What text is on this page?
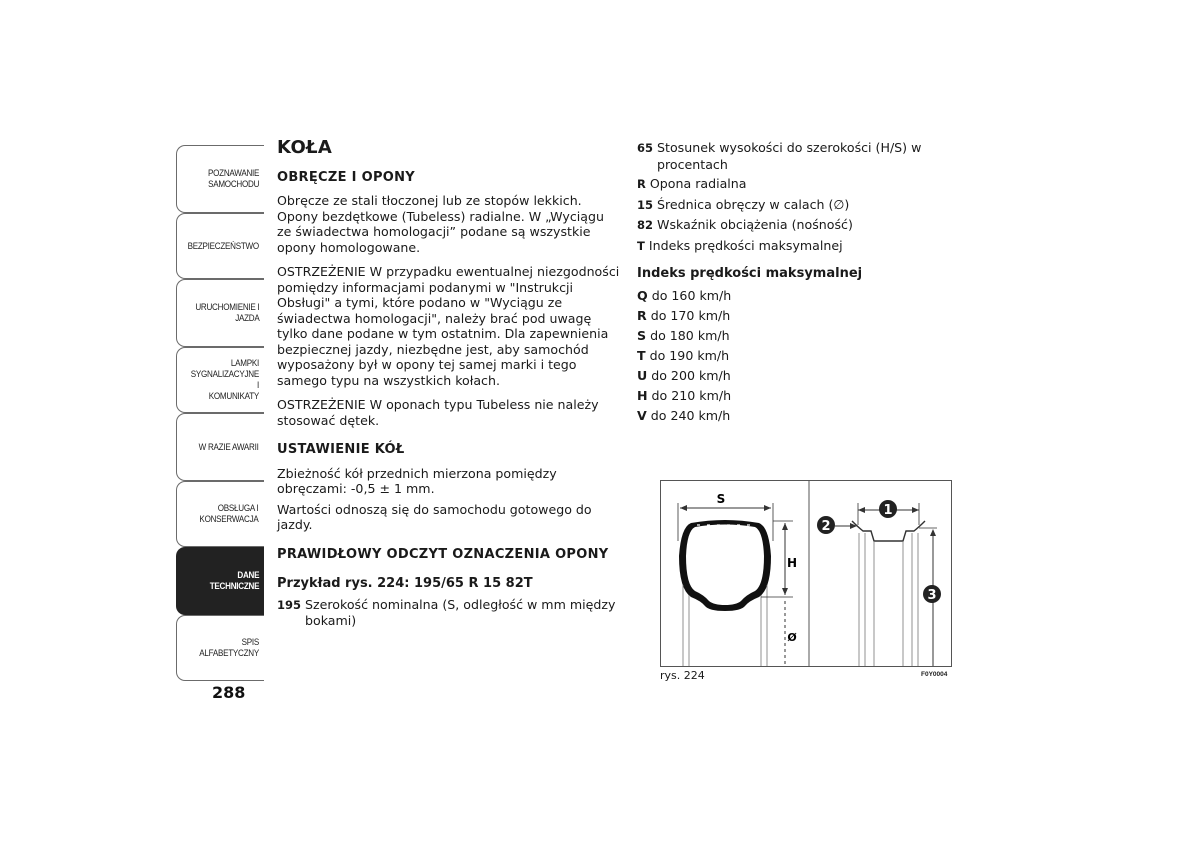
POZNAWANIE
SAMOCHODU
BEZPIECZEŃSTWO
URUCHOMIENIE I
JAZDA
LAMPKI
SYGNALIZACYJNE I
KOMUNIKATY
W RAZIE AWARII
OBSŁUGA I
KONSERWACJA
DANE
TECHNICZNE
SPIS ALFABETYCZNY
288
KOŁA
OBRĘCZE I OPONY

Obręcze ze stali tłoczonej lub ze stopów lekkich. Opony bezdętkowe (Tubeless) radialne. W „Wyciągu ze świadectwa homologacji” podane są wszystkie opony homologowane.

OSTRZEŻENIE W przypadku ewentualnej niezgodności pomiędzy informacjami podanymi w "Instrukcji Obsługi" a tymi, które podano w "Wyciągu ze świadectwa homologacji", należy brać pod uwagę tylko dane podane w tym ostatnim. Dla zapewnienia bezpiecznej jazdy, niezbędne jest, aby samochód wyposażony był w opony tej samej marki i tego samego typu na wszystkich kołach.

OSTRZEŻENIE W oponach typu Tubeless nie należy stosować dętek.

USTAWIENIE KÓŁ

Zbieżność kół przednich mierzona pomiędzy obręczami: -0,5 ± 1 mm.

Wartości odnoszą się do samochodu gotowego do jazdy.

PRAWIDŁOWY ODCZYT OZNACZENIA OPONY
Przykład rys. 224: 195/65 R 15 82T
195 Szerokość nominalna (S, odległość w mm między bokami)
65 Stosunek wysokości do szerokości (H/S) w procentach
R Opona radialna
15 Średnica obręczy w calach (∅)
82 Wskaźnik obciążenia (nośność)
T Indeks prędkości maksymalnej
Indeks prędkości maksymalnej
Q do 160 km/h
R do 170 km/h
S do 180 km/h
T do 190 km/h
U do 200 km/h
H do 210 km/h
V do 240 km/h
S
H
Ø
1
2
3
rys. 224	F0Y0004
